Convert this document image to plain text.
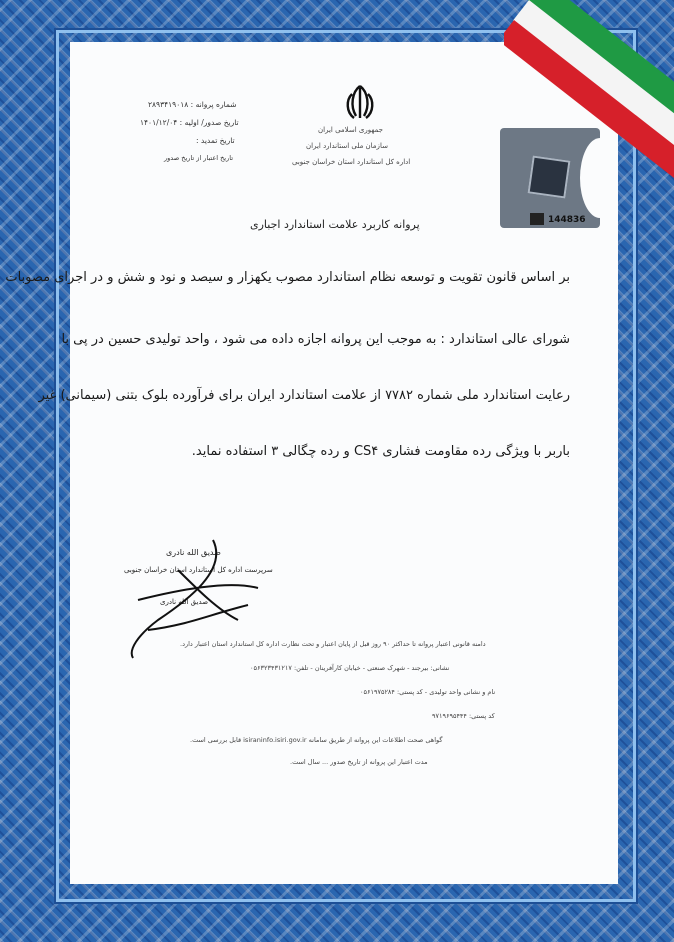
جمهوری اسلامی ایران
سازمان ملی استاندارد ایران
اداره کل استاندارد استان خراسان جنوبی
شماره پروانه : ۲۸۹۳۴۱۹۰۱۸
تاریخ صدور/ اولیه : ۱۴۰۱/۱۲/۰۴
تاریخ تمدید :
تاریخ اعتبار از تاریخ صدور
144836
پروانه کاربرد علامت استاندارد اجباری
بر اساس قانون تقویت و توسعه نظام استاندارد مصوب یکهزار و سیصد و نود و شش و در اجرای مصوبات
شورای عالی استاندارد : به موجب این پروانه اجازه داده می شود ، واحد تولیدی حسین در پی با
رعایت استاندارد ملی شماره ۷۷۸۲ از علامت استاندارد ایران برای فرآورده بلوک بتنی (سیمانی) غیر
باربر با ویژگی رده مقاومت فشاری CS۴ و رده چگالی ۳ استفاده نماید.
صدیق الله نادری
سرپرست اداره کل استاندارد استان خراسان جنوبی
صدیق الله نادری
دامنه قانونی اعتبار پروانه تا حداکثر ۹۰ روز قبل از پایان اعتبار و تحت نظارت اداره کل استاندارد استان اعتبار دارد.
نشانی: بیرجند - شهرک صنعتی - خیابان کارآفرینان - تلفن: ۰۵۶۳۲۳۴۳۱۲۱۷
نام و نشانی واحد تولیدی - کد پستی: ۰۵۶۱۹۷۵۲۸۴
کد پستی: ۹۷۱۹۶۹۵۴۴۴
گواهی صحت اطلاعات این پروانه از طریق سامانه isiraninfo.isiri.gov.ir قابل بررسی است.
مدت اعتبار این پروانه از تاریخ صدور ... سال است.
